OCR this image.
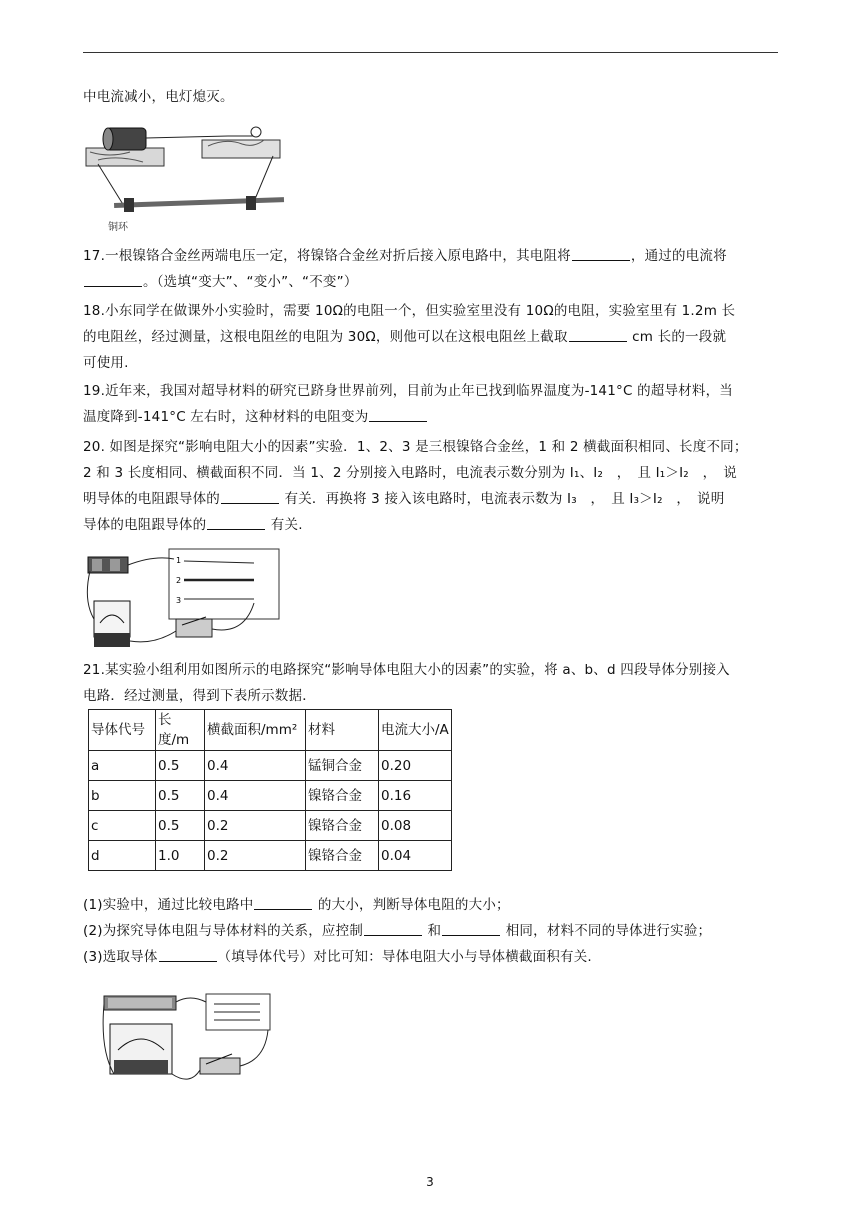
中电流减小，电灯熄灭。
铜环
17.一根镍铬合金丝两端电压一定，将镍铬合金丝对折后接入原电路中，其电阻将	，通过的电流将
。（选填“变大”、“变小”、“不变”）
18.小东同学在做课外小实验时，需要 10Ω的电阻一个，但实验室里没有 10Ω的电阻，实验室里有 1.2m 长
的电阻丝，经过测量，这根电阻丝的电阻为 30Ω，则他可以在这根电阻丝上截取	cm 长的一段就
可使用.
19.近年来，我国对超导材料的研究已跻身世界前列，目前为止年已找到临界温度为-141°C 的超导材料，当
温度降到-141°C 左右时，这种材料的电阻变为
20. 如图是探究“影响电阻大小的因素”实验．1、2、3 是三根镍铬合金丝，1 和 2 横截面积相同、长度不同；
2 和 3 长度相同、横截面积不同．当 1、2 分别接入电路时，电流表示数分别为 I₁、I₂　，　且 I₁＞I₂　，　说
明导体的电阻跟导体的	有关．再换将 3 接入该电路时，电流表示数为 I₃　，　且 I₃＞I₂　，　说明
导体的电阻跟导体的	有关.
1
2
3
21.某实验小组利用如图所示的电路探究“影响导体电阻大小的因素”的实验，将 a、b、d 四段导体分别接入
电路．经过测量，得到下表所示数据．
导体代号	长度/m	横截面积/mm²	材料	电流大小/A
a	0.5	0.4	锰铜合金	0.20
b	0.5	0.4	镍铬合金	0.16
c	0.5	0.2	镍铬合金	0.08
d	1.0	0.2	镍铬合金	0.04
(1)实验中，通过比较电路中	的大小，判断导体电阻的大小；
(2)为探究导体电阻与导体材料的关系，应控制	和	相同，材料不同的导体进行实验；
(3)选取导体	（填导体代号）对比可知：导体电阻大小与导体横截面积有关.
3
